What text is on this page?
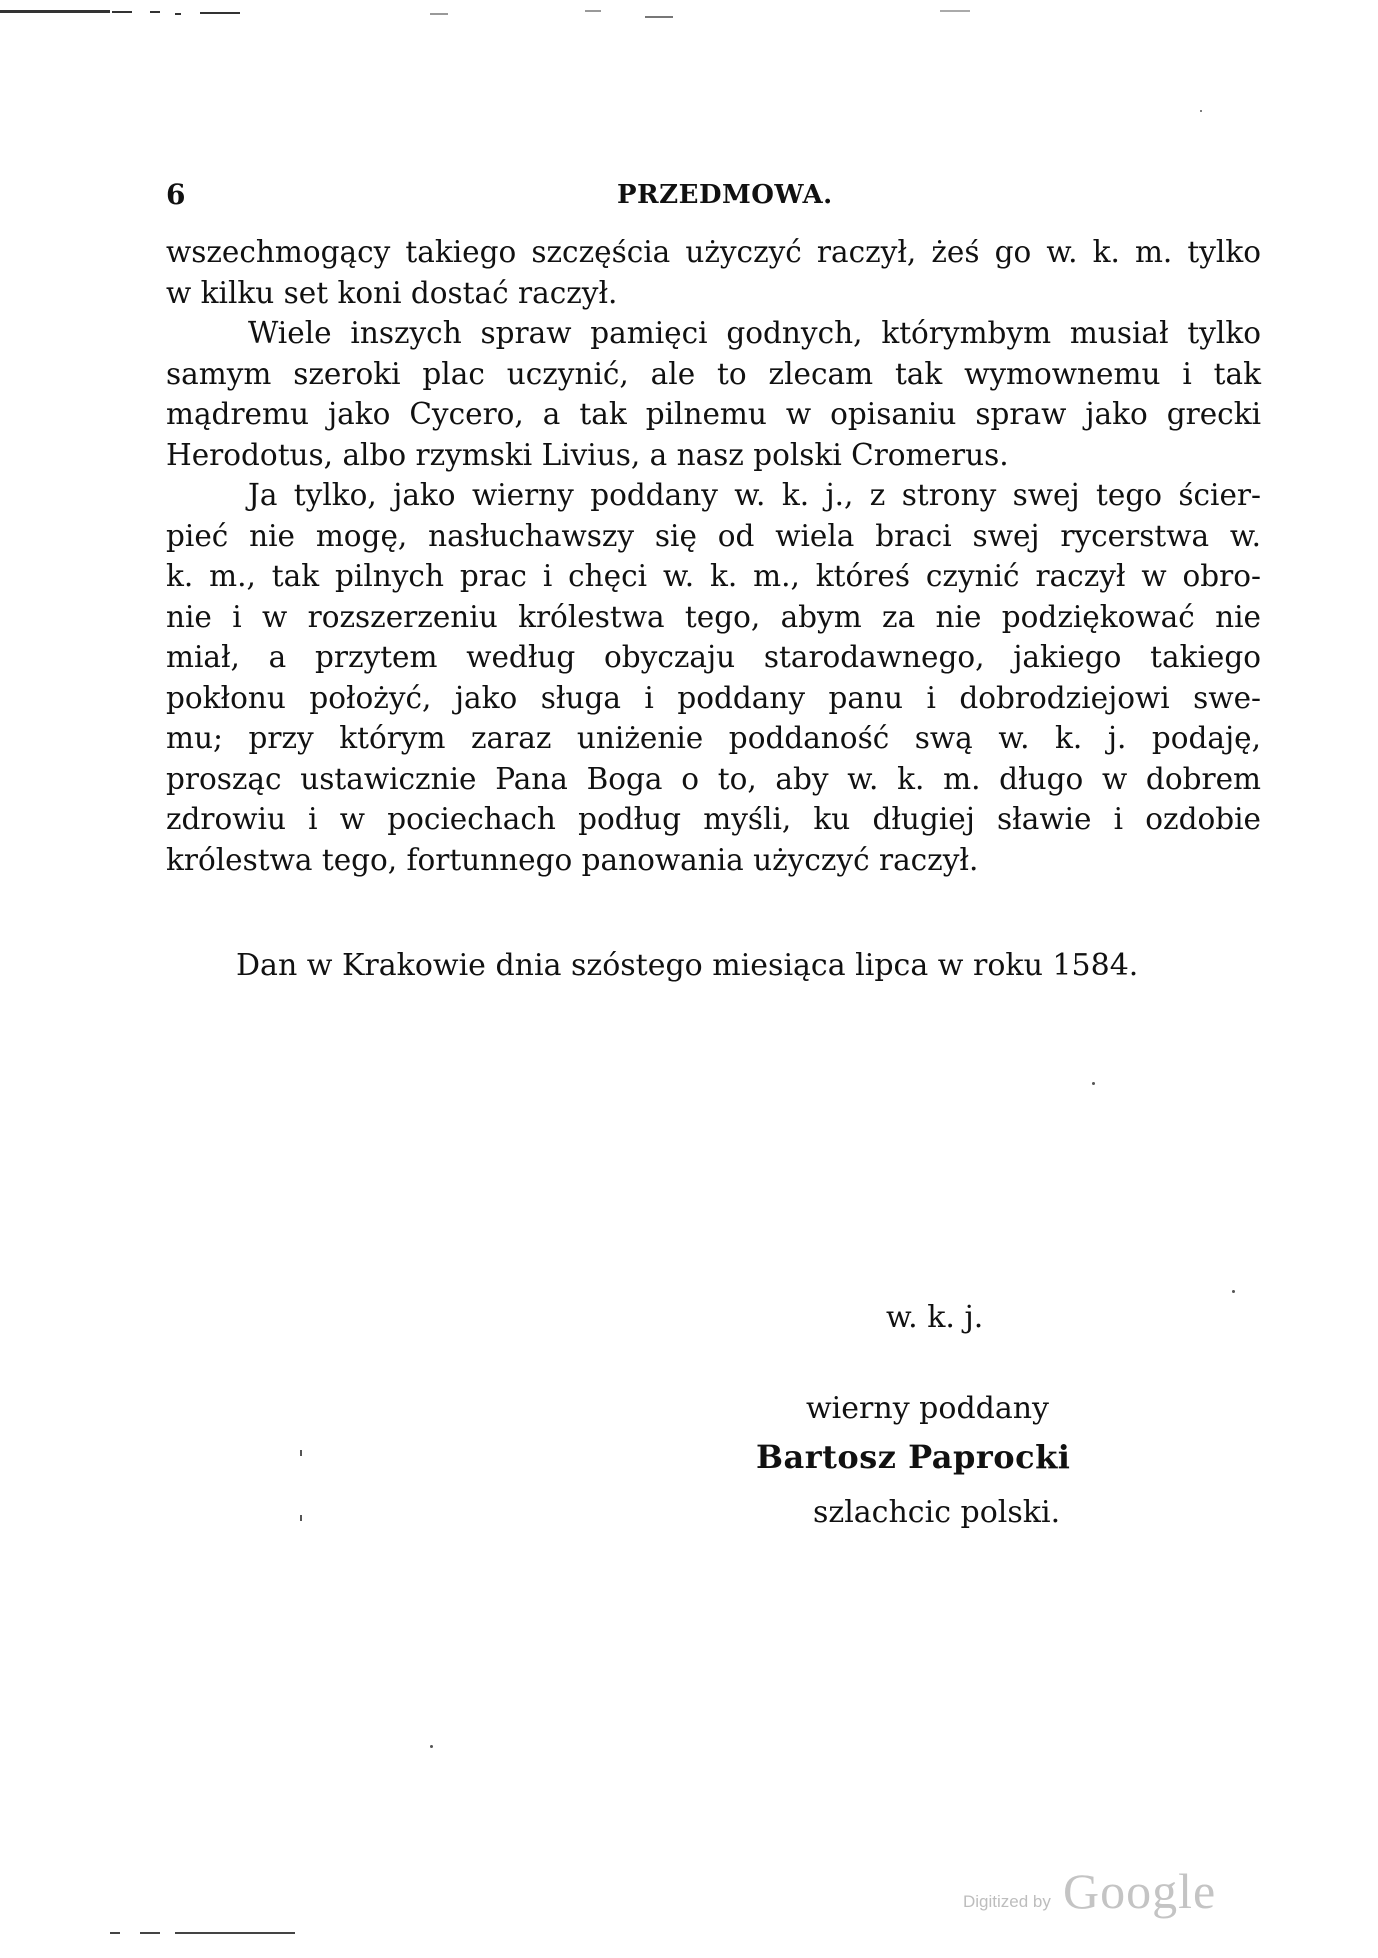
6	PRZEDMOWA.
wszechmogący takiego szczęścia użyczyć raczył, żeś go w. k. m. tylko
w kilku set koni dostać raczył.
Wiele inszych spraw pamięci godnych, którymbym musiał tylko
samym szeroki plac uczynić, ale to zlecam tak wymownemu i tak
mądremu jako Cycero, a tak pilnemu w opisaniu spraw jako grecki
Herodotus, albo rzymski Livius, a nasz polski Cromerus.
Ja tylko, jako wierny poddany w. k. j., z strony swej tego ścier-
pieć nie mogę, nasłuchawszy się od wiela braci swej rycerstwa w.
k. m., tak pilnych prac i chęci w. k. m., któreś czynić raczył w obro-
nie i w rozszerzeniu królestwa tego, abym za nie podziękować nie
miał, a przytem według obyczaju starodawnego, jakiego takiego
pokłonu położyć, jako sługa i poddany panu i dobrodziejowi swe-
mu; przy którym zaraz uniżenie poddaność swą w. k. j. podaję,
prosząc ustawicznie Pana Boga o to, aby w. k. m. długo w dobrem
zdrowiu i w pociechach podług myśli, ku długiej sławie i ozdobie
królestwa tego, fortunnego panowania użyczyć raczył.
Dan w Krakowie dnia szóstego miesiąca lipca w roku 1584.
w. k. j.
wierny poddany
Bartosz Paprocki
szlachcic polski.
Digitized by Google
